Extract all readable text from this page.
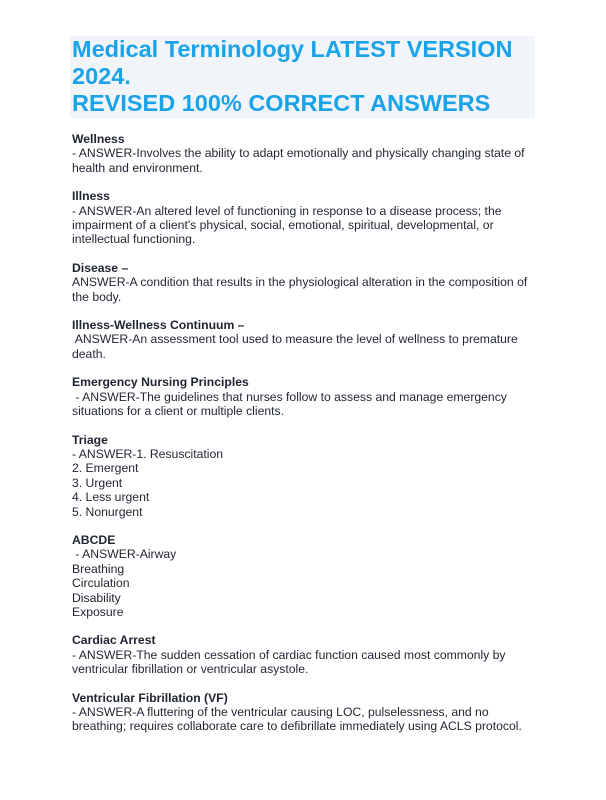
Medical Terminology LATEST VERSION
2024.
REVISED 100% CORRECT ANSWERS
Wellness
- ANSWER-Involves the ability to adapt emotionally and physically changing state of
health and environment.
Illness
- ANSWER-An altered level of functioning in response to a disease process; the
impairment of a client's physical, social, emotional, spiritual, developmental, or
intellectual functioning.
Disease –
ANSWER-A condition that results in the physiological alteration in the composition of
the body.
Illness-Wellness Continuum –
ANSWER-An assessment tool used to measure the level of wellness to premature
death.
Emergency Nursing Principles
- ANSWER-The guidelines that nurses follow to assess and manage emergency
situations for a client or multiple clients.
Triage
- ANSWER-1. Resuscitation
2. Emergent
3. Urgent
4. Less urgent
5. Nonurgent
ABCDE
- ANSWER-Airway
Breathing
Circulation
Disability
Exposure
Cardiac Arrest
- ANSWER-The sudden cessation of cardiac function caused most commonly by
ventricular fibrillation or ventricular asystole.
Ventricular Fibrillation (VF)
- ANSWER-A fluttering of the ventricular causing LOC, pulselessness, and no
breathing; requires collaborate care to defibrillate immediately using ACLS protocol.
